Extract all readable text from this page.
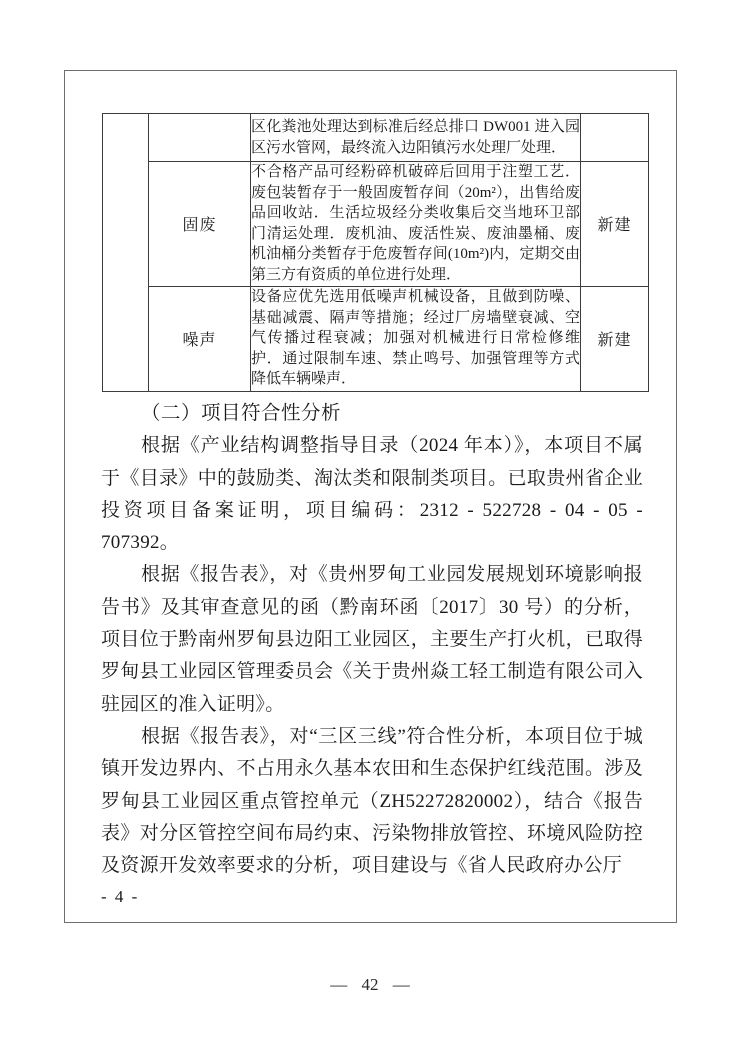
		区化粪池处理达到标准后经总排口 DW001 进入园区污水管网，最终流入边阳镇污水处理厂处理．	
	固废	不合格产品可经粉碎机破碎后回用于注塑工艺．废包装暂存于一般固废暂存间（20m²），出售给废品回收站．生活垃圾经分类收集后交当地环卫部门清运处理．废机油、废活性炭、废油墨桶、废机油桶分类暂存于危废暂存间(10m²)内，定期交由第三方有资质的单位进行处理．	新建
	噪声	设备应优先选用低噪声机械设备，且做到防噪、基础减震、隔声等措施；经过厂房墙壁衰减、空气传播过程衰减；加强对机械进行日常检修维护．通过限制车速、禁止鸣号、加强管理等方式降低车辆噪声．	新建
（二）项目符合性分析

根据《产业结构调整指导目录（2024 年本）》，本项目不属于《目录》中的鼓励类、淘汰类和限制类项目。已取贵州省企业投资项目备案证明，项目编码：2312 - 522728 - 04 - 05 - 707392。

根据《报告表》，对《贵州罗甸工业园发展规划环境影响报告书》及其审查意见的函（黔南环函〔2017〕30 号）的分析，项目位于黔南州罗甸县边阳工业园区，主要生产打火机，已取得罗甸县工业园区管理委员会《关于贵州焱工轻工制造有限公司入驻园区的准入证明》。

根据《报告表》，对“三区三线”符合性分析，本项目位于城镇开发边界内、不占用永久基本农田和生态保护红线范围。涉及罗甸县工业园区重点管控单元（ZH52272820002），结合《报告表》对分区管控空间布局约束、污染物排放管控、环境风险防控及资源开发效率要求的分析，项目建设与《省人民政府办公厅

- 4 -
— 42 —
